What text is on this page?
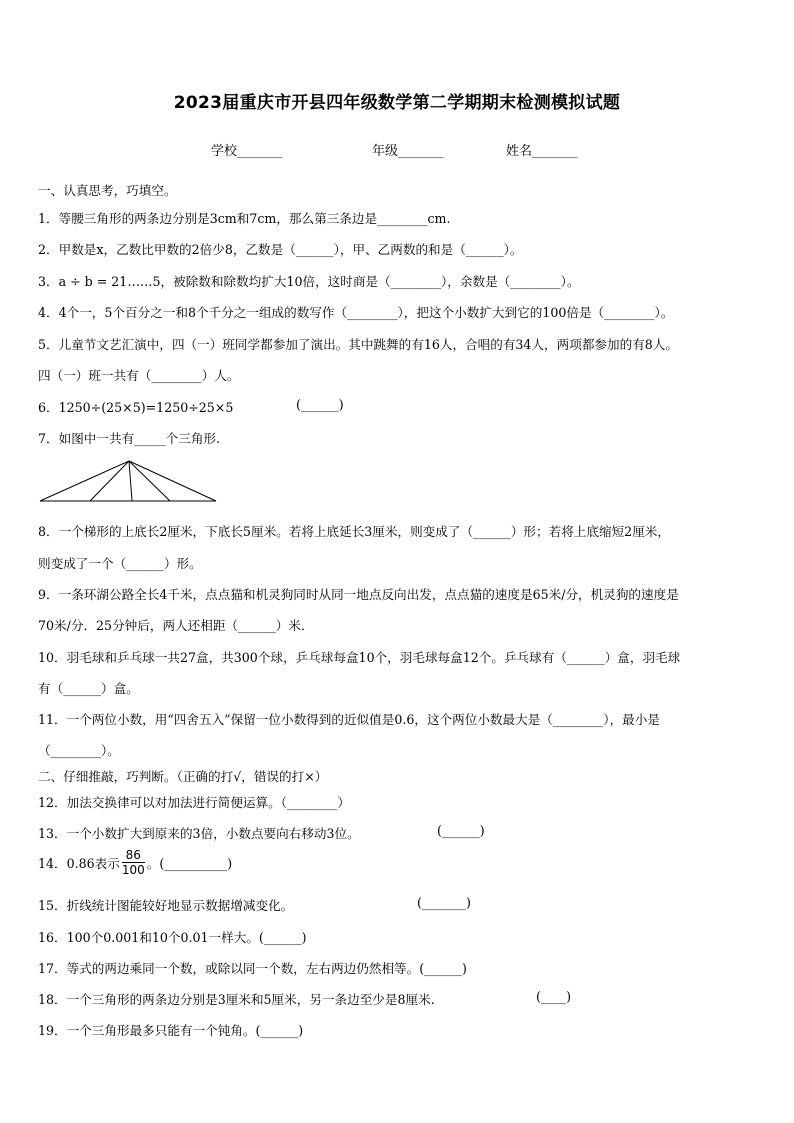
2023届重庆市开县四年级数学第二学期期末检测模拟试题
学校_______	年级_______	姓名_______
一、认真思考，巧填空。
1．等腰三角形的两条边分别是3cm和7cm，那么第三条边是________cm.
2．甲数是x，乙数比甲数的2倍少8，乙数是（______），甲、乙两数的和是（______）。
3．a ÷ b = 21……5，被除数和除数均扩大10倍，这时商是（________），余数是（________）。
4．4个一，5个百分之一和8个千分之一组成的数写作（________），把这个小数扩大到它的100倍是（________）。
5．儿童节文艺汇演中，四（一）班同学都参加了演出。其中跳舞的有16人，合唱的有34人，两项都参加的有8人。
四（一）班一共有（________）人。
6．1250÷(25×5)=1250÷25×5	(______)
7．如图中一共有_____个三角形.
8．一个梯形的上底长2厘米，下底长5厘米。若将上底延长3厘米，则变成了（______）形；若将上底缩短2厘米，
则变成了一个（______）形。
9．一条环湖公路全长4千米，点点猫和机灵狗同时从同一地点反向出发，点点猫的速度是65米/分，机灵狗的速度是
70米/分．25分钟后，两人还相距（______）米．
10．羽毛球和乒乓球一共27盒，共300个球，乒乓球每盒10个，羽毛球每盒12个。乒乓球有（______）盒，羽毛球
有（______）盒。
11．一个两位小数，用“四舍五入”保留一位小数得到的近似值是0.6，这个两位小数最大是（________），最小是
（________）。
二、仔细推敲，巧判断。（正确的打√，错误的打×）
12．加法交换律可以对加法进行简便运算。（________）
13．一个小数扩大到原来的3倍，小数点要向右移动3位。	(______)
14．0.86表示 $\frac{86}{100}$ 。(__________)
15．折线统计图能较好地显示数据增减变化。	(_______)
16．100个0.001和10个0.01一样大。(______)
17．等式的两边乘同一个数，或除以同一个数，左右两边仍然相等。(______)
18．一个三角形的两条边分别是3厘米和5厘米，另一条边至少是8厘米.	(____)
19．一个三角形最多只能有一个钝角。(______)
